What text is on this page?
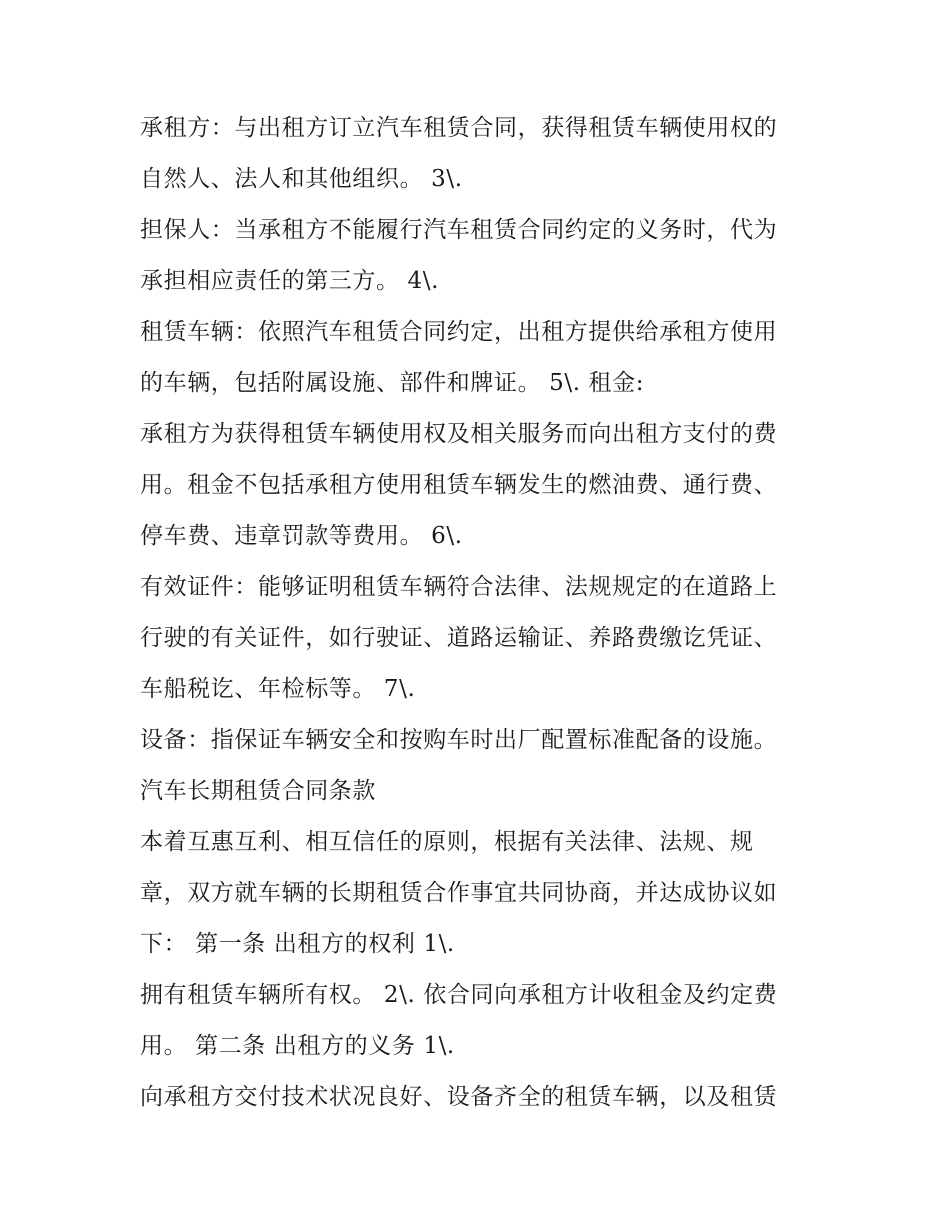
承租方：与出租方订立汽车租赁合同，获得租赁车辆使用权的
自然人、法人和其他组织。 3\.
担保人：当承租方不能履行汽车租赁合同约定的义务时，代为
承担相应责任的第三方。 4\.
租赁车辆：依照汽车租赁合同约定，出租方提供给承租方使用
的车辆，包括附属设施、部件和牌证。 5\. 租金:
承租方为获得租赁车辆使用权及相关服务而向出租方支付的费
用。租金不包括承租方使用租赁车辆发生的燃油费、通行费、
停车费、违章罚款等费用。 6\.
有效证件：能够证明租赁车辆符合法律、法规规定的在道路上
行驶的有关证件，如行驶证、道路运输证、养路费缴讫凭证、
车船税讫、年检标等。 7\.
设备：指保证车辆安全和按购车时出厂配置标准配备的设施。
汽车长期租赁合同条款
本着互惠互利、相互信任的原则，根据有关法律、法规、规
章，双方就车辆的长期租赁合作事宜共同协商，并达成协议如
下： 第一条 出租方的权利 1\.
拥有租赁车辆所有权。 2\. 依合同向承租方计收租金及约定费
用。 第二条 出租方的义务 1\.
向承租方交付技术状况良好、设备齐全的租赁车辆，以及租赁
